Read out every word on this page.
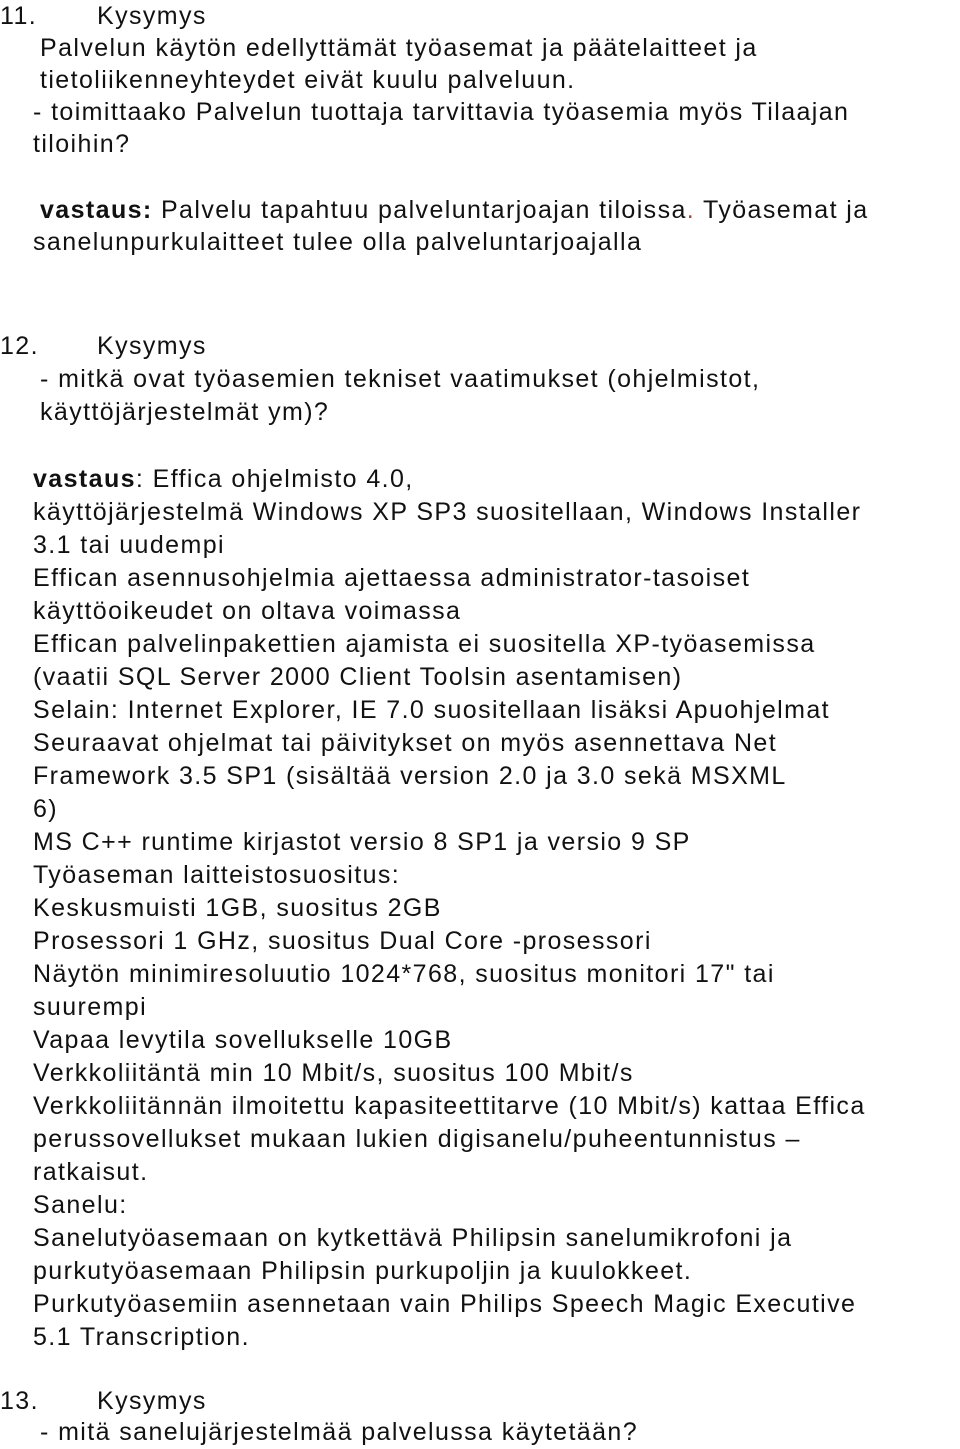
11. Kysymys
Palvelun käytön edellyttämät työasemat ja päätelaitteet ja
tietoliikenneyhteydet eivät kuulu palveluun.
- toimittaako Palvelun tuottaja tarvittavia työasemia myös Tilaajan
tiloihin?
vastaus: Palvelu tapahtuu palveluntarjoajan tiloissa. Työasemat ja
sanelunpurkulaitteet tulee olla palveluntarjoajalla
12. Kysymys
- mitkä ovat työasemien tekniset vaatimukset (ohjelmistot,
käyttöjärjestelmät ym)?
vastaus: Effica ohjelmisto 4.0,
käyttöjärjestelmä Windows XP SP3 suositellaan, Windows Installer
3.1 tai uudempi
Effican asennusohjelmia ajettaessa administrator-tasoiset
käyttöoikeudet on oltava voimassa
Effican palvelinpakettien ajamista ei suositella XP-työasemissa
(vaatii SQL Server 2000 Client Toolsin asentamisen)
Selain: Internet Explorer, IE 7.0 suositellaan lisäksi Apuohjelmat
Seuraavat ohjelmat tai päivitykset on myös asennettava Net
Framework 3.5 SP1 (sisältää version 2.0 ja 3.0 sekä MSXML
6)
MS C++ runtime kirjastot versio 8 SP1 ja versio 9 SP
Työaseman laitteistosuositus:
Keskusmuisti 1GB, suositus 2GB
Prosessori 1 GHz, suositus Dual Core -prosessori
Näytön minimiresoluutio 1024*768, suositus monitori 17" tai
suurempi
Vapaa levytila sovellukselle 10GB
Verkkoliitäntä min 10 Mbit/s, suositus 100 Mbit/s
Verkkoliitännän ilmoitettu kapasiteettitarve (10 Mbit/s) kattaa Effica
perussovellukset mukaan lukien digisanelu/puheentunnistus –
ratkaisut.
Sanelu:
Sanelutyöasemaan on kytkettävä Philipsin sanelumikrofoni ja
purkutyöasemaan Philipsin purkupoljin ja kuulokkeet.
Purkutyöasemiin asennetaan vain Philips Speech Magic Executive
5.1 Transcription.
13. Kysymys
- mitä sanelujärjestelmää palvelussa käytetään?
